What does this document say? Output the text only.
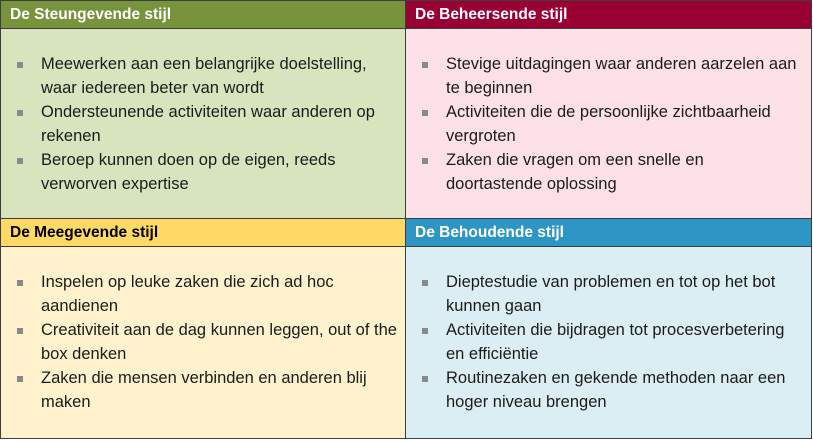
De Steungevende stijl
Meewerken aan een belangrijke doelstelling, waar iedereen beter van wordt
Ondersteunende activiteiten waar anderen op rekenen
Beroep kunnen doen op de eigen, reeds verworven expertise
De Beheersende stijl
Stevige uitdagingen waar anderen aarzelen aan te beginnen
Activiteiten die de persoonlijke zichtbaarheid vergroten
Zaken die vragen om een snelle en doortastende oplossing
De Meegevende stijl
Inspelen op leuke zaken die zich ad hoc aandienen
Creativiteit aan de dag kunnen leggen, out of the box denken
Zaken die mensen verbinden en anderen blij maken
De Behoudende stijl
Dieptestudie van problemen en tot op het bot kunnen gaan
Activiteiten die bijdragen tot procesverbetering en efficiëntie
Routinezaken en gekende methoden naar een hoger niveau brengen
